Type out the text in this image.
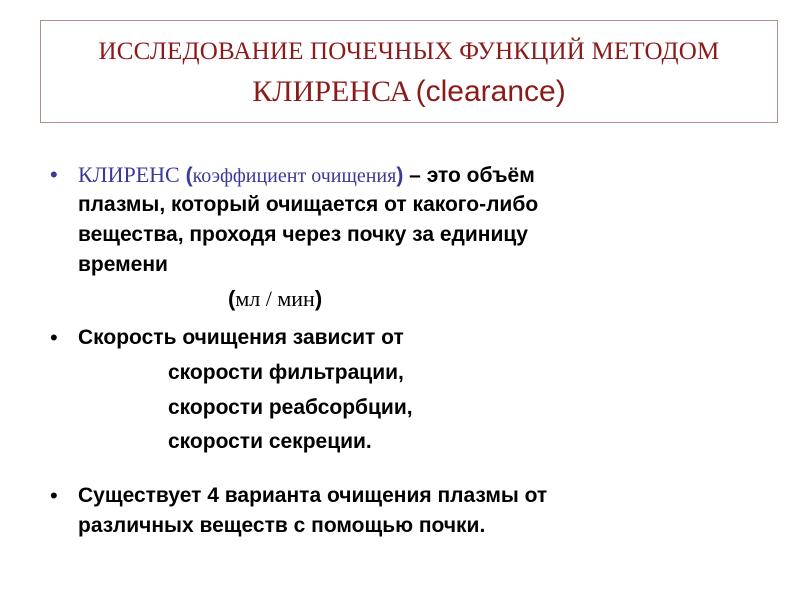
ИССЛЕДОВАНИЕ ПОЧЕЧНЫХ ФУНКЦИЙ МЕТОДОМ
КЛИРЕНСА (clearance)
• КЛИРЕНС (коэффициент очищения) – это объём
плазмы, который очищается от какого-либо
вещества, проходя через почку за единицу
времени
(мл / мин)
• Скорость очищения зависит от
скорости фильтрации,
скорости реабсорбции,
скорости секреции.
• Существует 4 варианта очищения плазмы от
различных веществ с помощью почки.
